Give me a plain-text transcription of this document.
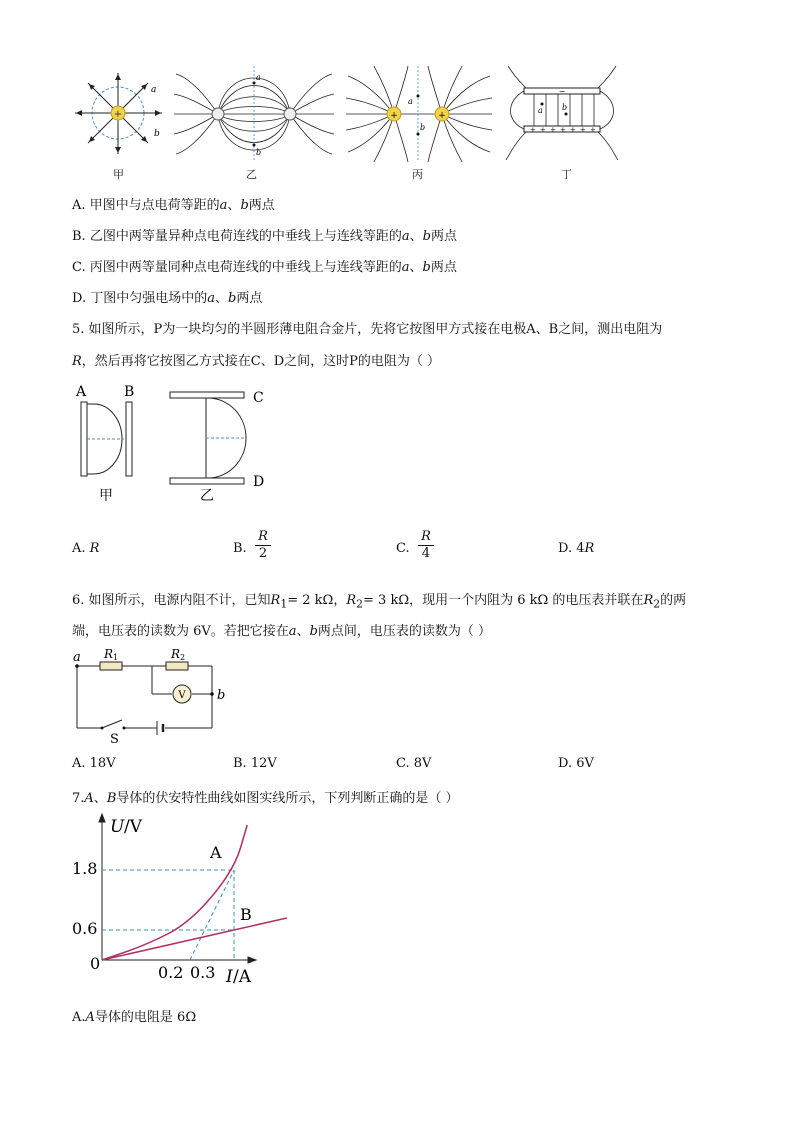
+
a
b
甲
a
b
乙
+	+
a
b
丙
−
+ + + + + + +
a b
丁
A. 甲图中与点电荷等距的a、b两点
B. 乙图中两等量异种点电荷连线的中垂线上与连线等距的a、b两点
C. 丙图中两等量同种点电荷连线的中垂线上与连线等距的a、b两点
D. 丁图中匀强电场中的a、b两点
5. 如图所示，P为一块均匀的半圆形薄电阻合金片，先将它按图甲方式接在电极A、B之间，测出电阻为
R，然后再将它按图乙方式接在C、D之间，这时P的电阻为（ ）
A	B
甲
C
D
乙
A. R	B.
R
2	C.
R
4	D. 4R
6. 如图所示，电源内阻不计，已知$R_1= 2$ kΩ，$R_2= 3$ kΩ，现用一个内阻为 6 kΩ 的电压表并联在$R_2$的两
端，电压表的读数为 6V。若把它接在a、b两点间，电压表的读数为（ ）
V
a
b
R 1	R 2
S
A. 18V	B. 12V	C. 8V	D. 6V
7.A、B导体的伏安特性曲线如图实线所示，下列判断正确的是（ ）
U /V
I /A
0
1.8
0.6
0.2 0.3
A
B
A.A导体的电阻是 6Ω
